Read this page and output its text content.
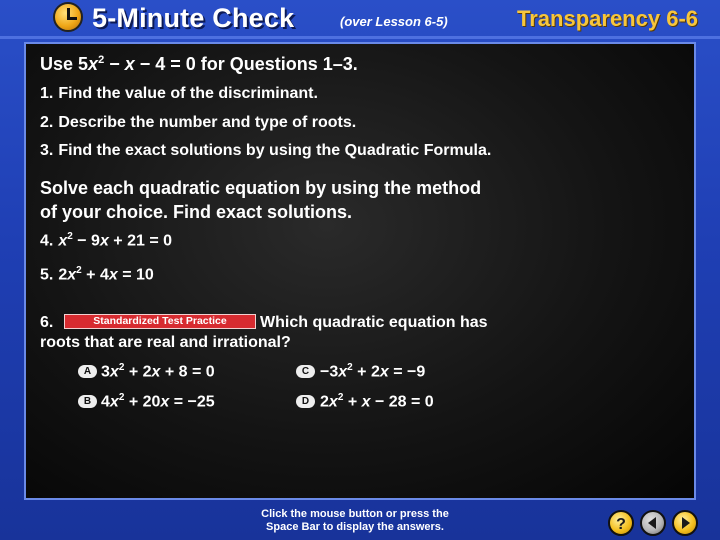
5-Minute Check	(over Lesson 6-5)	Transparency 6-6
Use $5x^2 - x - 4 = 0$ for Questions 1–3.
1. Find the value of the discriminant.
2. Describe the number and type of roots.
3. Find the exact solutions by using the Quadratic Formula.
Solve each quadratic equation by using the method
of your choice. Find exact solutions.
4. $x^2 - 9x + 21 = 0$
5. $2x^2 + 4x = 10$
6.	Standardized Test Practice	Which quadratic equation has
roots that are real and irrational?
A $3x^2 + 2x + 8 = 0$
B $4x^2 + 20x = -25$
$C -3x^2 + 2x = -9$
D $2x^2 + x - 28 = 0$
Click the mouse button or press the
Space Bar to display the answers.	?
